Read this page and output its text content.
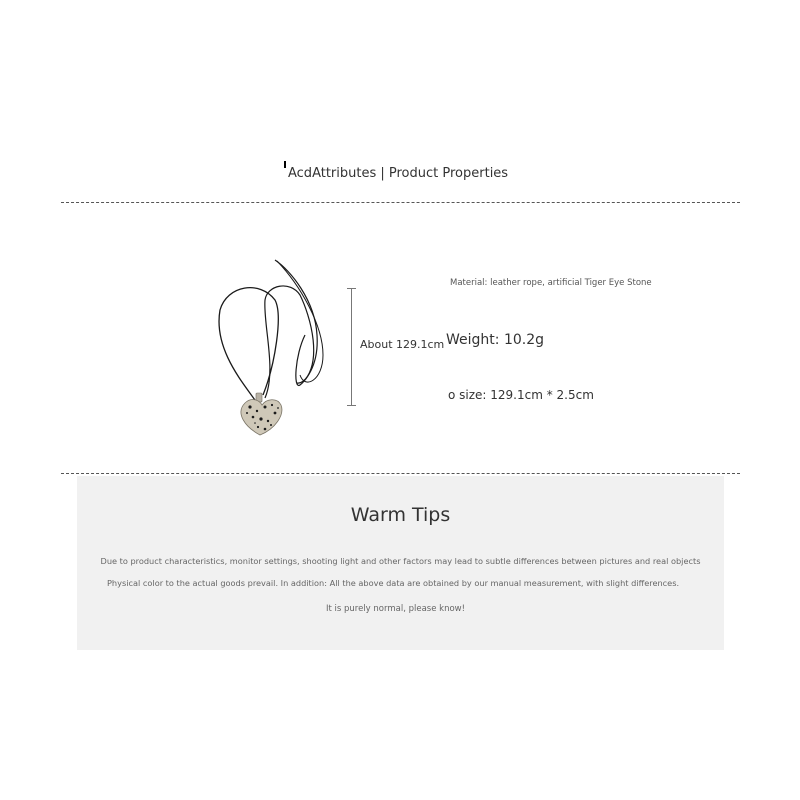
AcdAttributes | Product Properties
About 129.1cm
Material: leather rope, artificial Tiger Eye Stone
Weight: 10.2g
o size: 129.1cm * 2.5cm
Warm Tips
Due to product characteristics, monitor settings, shooting light and other factors may lead to subtle differences between pictures and real objects
Physical color to the actual goods prevail. In addition: All the above data are obtained by our manual measurement, with slight differences.
It is purely normal, please know!
